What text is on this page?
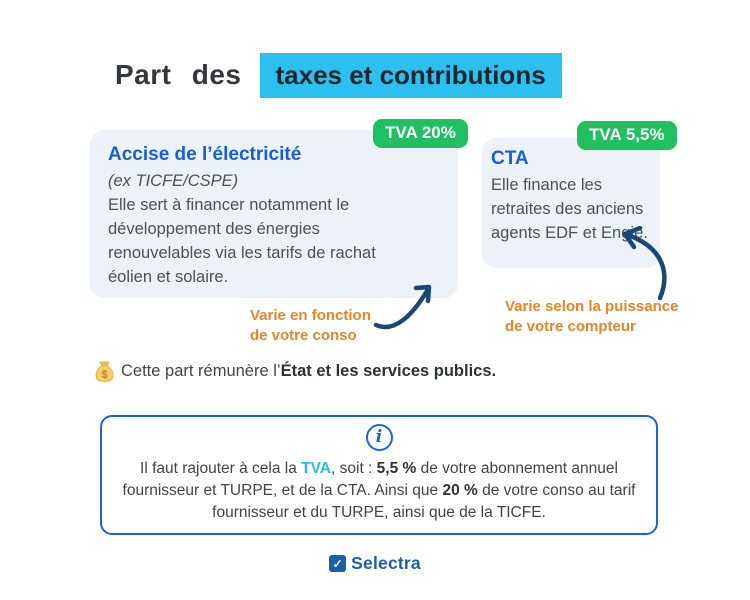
Part des	taxes et contributions
Accise de l’électricité
(ex TICFE/CSPE)
Elle sert à financer notamment le
développement des énergies
renouvelables via les tarifs de rachat
éolien et solaire.
TVA 20%
CTA
Elle finance les
retraites des anciens
agents EDF et Engie.
TVA 5,5%
Varie en fonction
de votre conso
Varie selon la puissance
de votre compteur
$ Cette part rémunère l’État et les services publics.
i
Il faut rajouter à cela la TVA, soit : 5,5 % de votre abonnement annuel
fournisseur et TURPE, et de la CTA. Ainsi que 20 % de votre conso au tarif
fournisseur et du TURPE, ainsi que de la TICFE.
✓ Selectra
